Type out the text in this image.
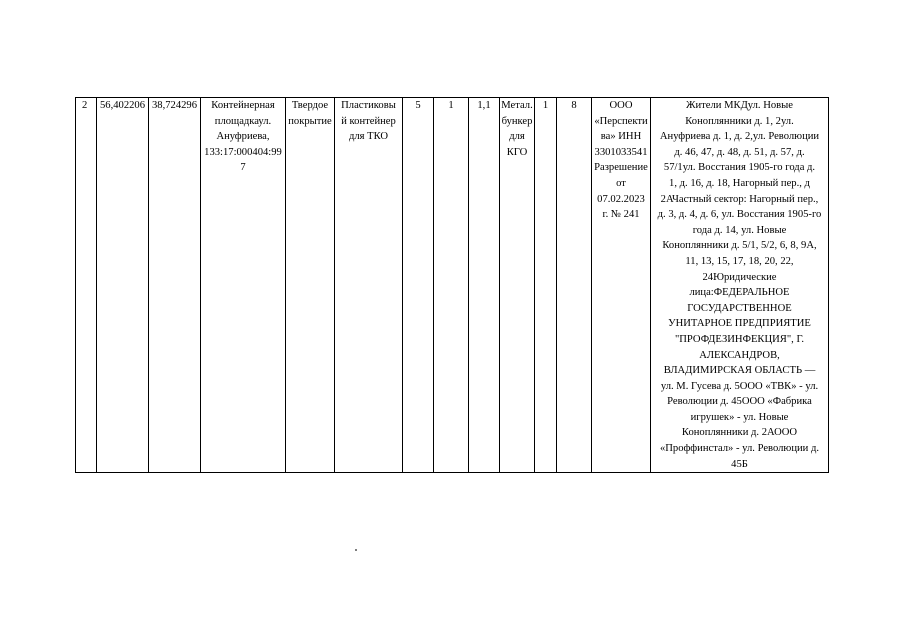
2	56,402206	38,724296	Контейнерная
площадкаул.
Ануфриева,
133:17:000404:99
7	Твердое
покрытие	Пластиковы
й контейнер
для ТКО	5	1	1,1	Метал.
бункер
для
КГО	1	8	ООО
«Перспекти
ва» ИНН
3301033541
Разрешение
от
07.02.2023
г. № 241	Жители МКДул. Новые
Коноплянники д. 1, 2ул.
Ануфриева д. 1, д. 2,ул. Революции
д. 46, 47, д. 48, д. 51, д. 57, д.
57/1ул. Восстания 1905-го года д.
1, д. 16, д. 18, Нагорный пер., д
2АЧастный сектор: Нагорный пер.,
д. 3, д. 4, д. 6, ул. Восстания 1905-го
года д. 14, ул. Новые
Коноплянники д. 5/1, 5/2, 6, 8, 9А,
11, 13, 15, 17, 18, 20, 22,
24Юридические
лица:ФЕДЕРАЛЬНОЕ
ГОСУДАРСТВЕННОЕ
УНИТАРНОЕ ПРЕДПРИЯТИЕ
"ПРОФДЕЗИНФЕКЦИЯ", Г.
АЛЕКСАНДРОВ,
ВЛАДИМИРСКАЯ ОБЛАСТЬ —
ул. М. Гусева д. 5ООО «ТВК» - ул.
Революции д. 45ООО «Фабрика
игрушек» - ул. Новые
Коноплянники д. 2АООО
«Проффинстал» - ул. Революции д.
45Б
